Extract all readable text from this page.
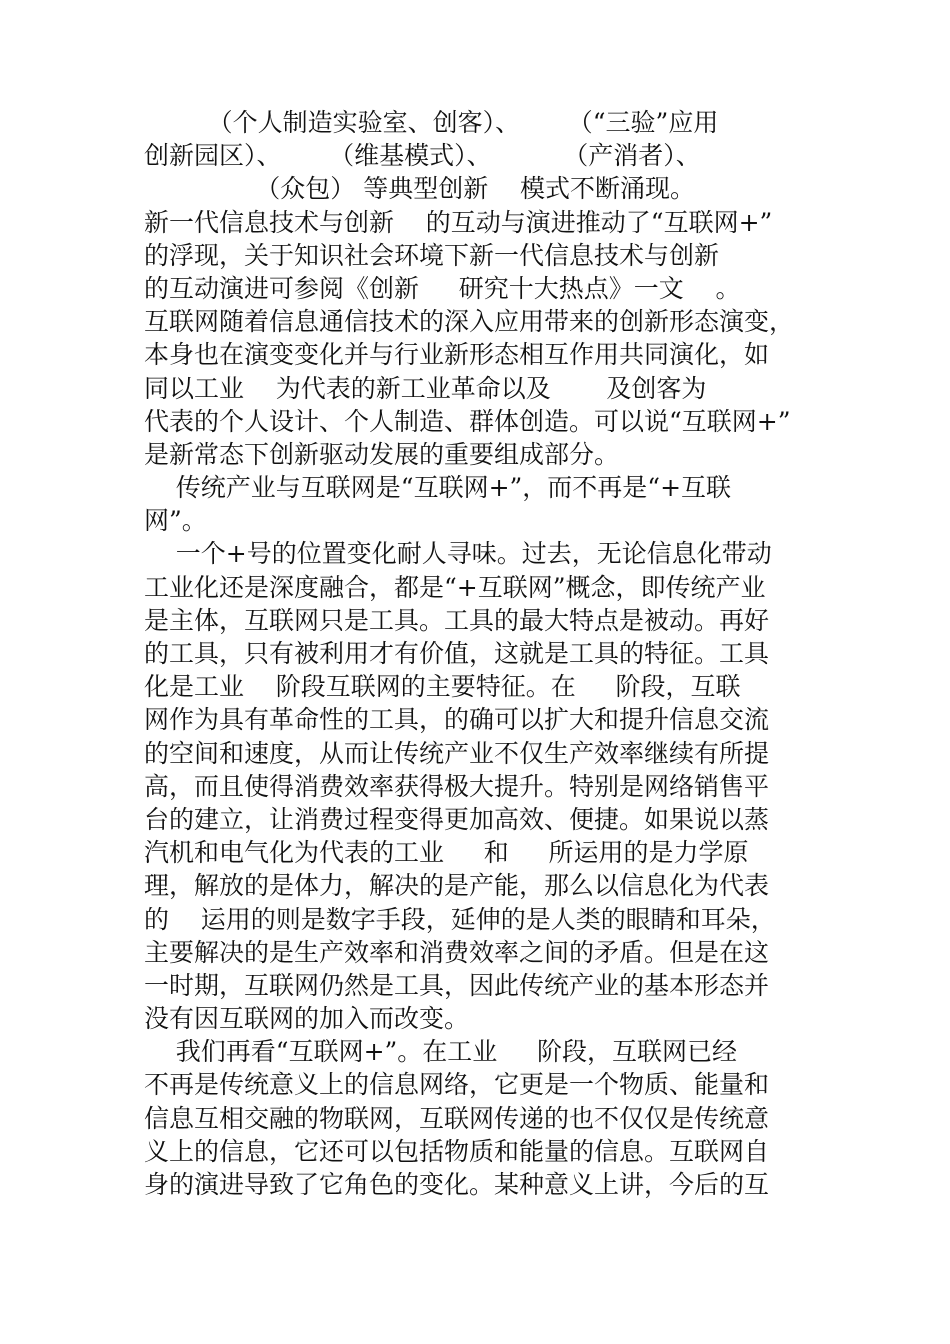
（个人制造实验室、创客）、      （“三验”应用
创新园区）、      （维基模式）、         （产消者）、
（众包） 等典型创新    模式不断涌现。
新一代信息技术与创新    的互动与演进推动了“互联网+”
的浮现，关于知识社会环境下新一代信息技术与创新
的互动演进可参阅《创新     研究十大热点》一文    。
互联网随着信息通信技术的深入应用带来的创新形态演变，
本身也在演变变化并与行业新形态相互作用共同演化，如
同以工业    为代表的新工业革命以及       及创客为
代表的个人设计、个人制造、群体创造。可以说“互联网+”
是新常态下创新驱动发展的重要组成部分。
传统产业与互联网是“互联网+”，而不再是“+互联
网”。
一个+号的位置变化耐人寻味。过去，无论信息化带动
工业化还是深度融合，都是“+互联网”概念，即传统产业
是主体，互联网只是工具。工具的最大特点是被动。再好
的工具，只有被利用才有价值，这就是工具的特征。工具
化是工业    阶段互联网的主要特征。在     阶段，互联
网作为具有革命性的工具，的确可以扩大和提升信息交流
的空间和速度，从而让传统产业不仅生产效率继续有所提
高，而且使得消费效率获得极大提升。特别是网络销售平
台的建立，让消费过程变得更加高效、便捷。如果说以蒸
汽机和电气化为代表的工业     和     所运用的是力学原
理，解放的是体力，解决的是产能，那么以信息化为代表
的    运用的则是数字手段，延伸的是人类的眼睛和耳朵，
主要解决的是生产效率和消费效率之间的矛盾。但是在这
一时期，互联网仍然是工具，因此传统产业的基本形态并
没有因互联网的加入而改变。
我们再看“互联网+”。在工业     阶段，互联网已经
不再是传统意义上的信息网络，它更是一个物质、能量和
信息互相交融的物联网，互联网传递的也不仅仅是传统意
义上的信息，它还可以包括物质和能量的信息。互联网自
身的演进导致了它角色的变化。某种意义上讲，今后的互
